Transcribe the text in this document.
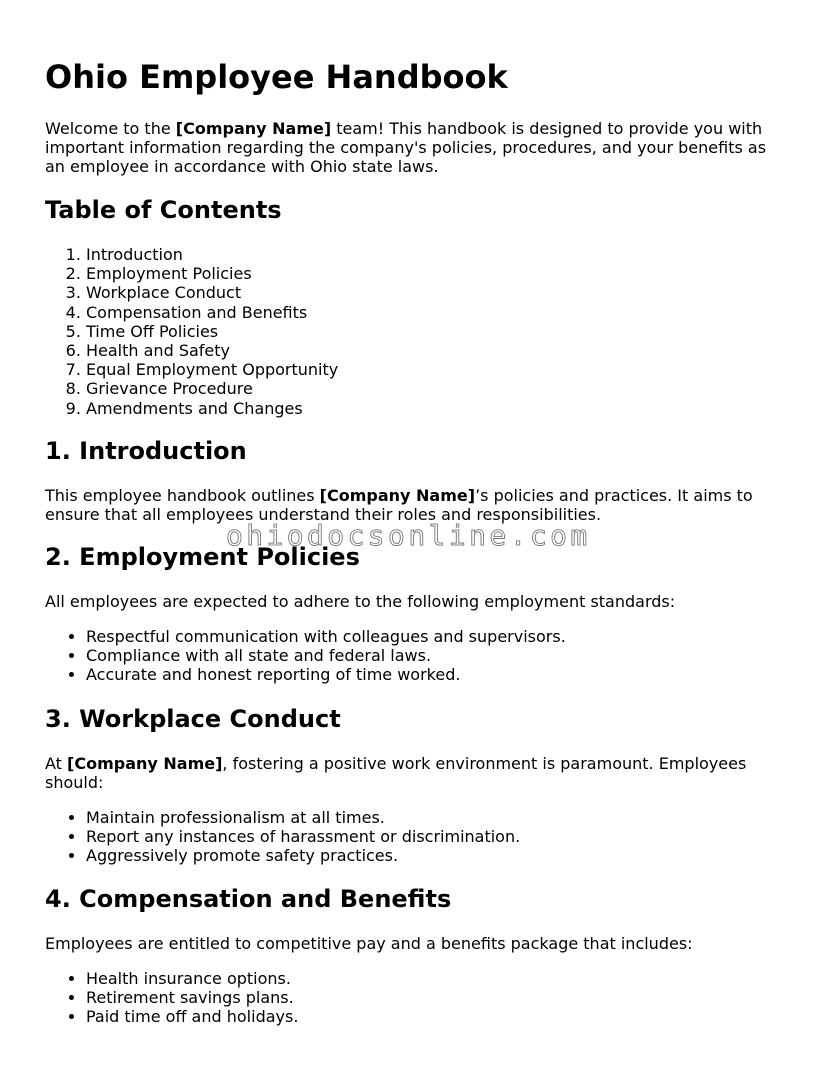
Ohio Employee Handbook

Welcome to the [Company Name] team! This handbook is designed to provide you with important information regarding the company's policies, procedures, and your benefits as an employee in accordance with Ohio state laws.

Table of Contents
1. Introduction
2. Employment Policies
3. Workplace Conduct
4. Compensation and Benefits
5. Time Off Policies
6. Health and Safety
7. Equal Employment Opportunity
8. Grievance Procedure
9. Amendments and Changes
1. Introduction

This employee handbook outlines [Company Name]’s policies and practices. It aims to ensure that all employees understand their roles and responsibilities.

2. Employment Policies

All employees are expected to adhere to the following employment standards:

• Respectful communication with colleagues and supervisors.
• Compliance with all state and federal laws.
• Accurate and honest reporting of time worked.
3. Workplace Conduct

At [Company Name], fostering a positive work environment is paramount. Employees should:

• Maintain professionalism at all times.
• Report any instances of harassment or discrimination.
• Aggressively promote safety practices.
4. Compensation and Benefits

Employees are entitled to competitive pay and a benefits package that includes:

• Health insurance options.
• Retirement savings plans.
• Paid time off and holidays.
ohiodocsonline.com
